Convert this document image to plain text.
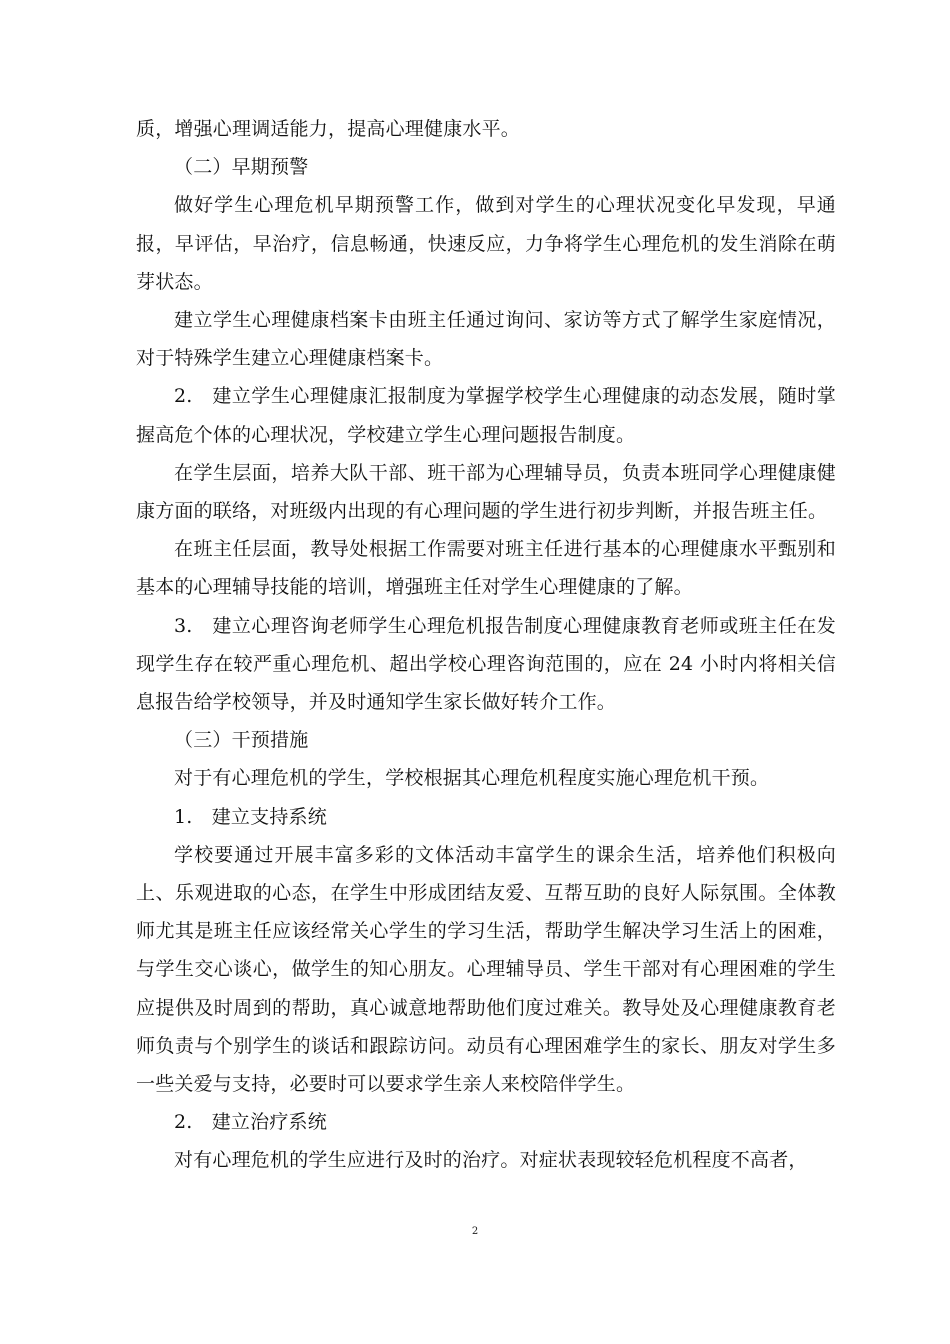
质，增强心理调适能力，提高心理健康水平。

（二）早期预警

做好学生心理危机早期预警工作，做到对学生的心理状况变化早发现，早通报，早评估，早治疗，信息畅通，快速反应，力争将学生心理危机的发生消除在萌芽状态。

建立学生心理健康档案卡由班主任通过询问、家访等方式了解学生家庭情况，对于特殊学生建立心理健康档案卡。

2.　建立学生心理健康汇报制度为掌握学校学生心理健康的动态发展，随时掌握高危个体的心理状况，学校建立学生心理问题报告制度。

在学生层面，培养大队干部、班干部为心理辅导员，负责本班同学心理健康健康方面的联络，对班级内出现的有心理问题的学生进行初步判断，并报告班主任。

在班主任层面，教导处根据工作需要对班主任进行基本的心理健康水平甄别和基本的心理辅导技能的培训，增强班主任对学生心理健康的了解。

3.　建立心理咨询老师学生心理危机报告制度心理健康教育老师或班主任在发现学生存在较严重心理危机、超出学校心理咨询范围的，应在 24 小时内将相关信息报告给学校领导，并及时通知学生家长做好转介工作。

（三）干预措施

对于有心理危机的学生，学校根据其心理危机程度实施心理危机干预。

1.　建立支持系统

学校要通过开展丰富多彩的文体活动丰富学生的课余生活，培养他们积极向上、乐观进取的心态，在学生中形成团结友爱、互帮互助的良好人际氛围。全体教师尤其是班主任应该经常关心学生的学习生活，帮助学生解决学习生活上的困难，与学生交心谈心，做学生的知心朋友。心理辅导员、学生干部对有心理困难的学生应提供及时周到的帮助，真心诚意地帮助他们度过难关。教导处及心理健康教育老师负责与个别学生的谈话和跟踪访问。动员有心理困难学生的家长、朋友对学生多一些关爱与支持，必要时可以要求学生亲人来校陪伴学生。

2.　建立治疗系统

对有心理危机的学生应进行及时的治疗。对症状表现较轻危机程度不高者，

2
